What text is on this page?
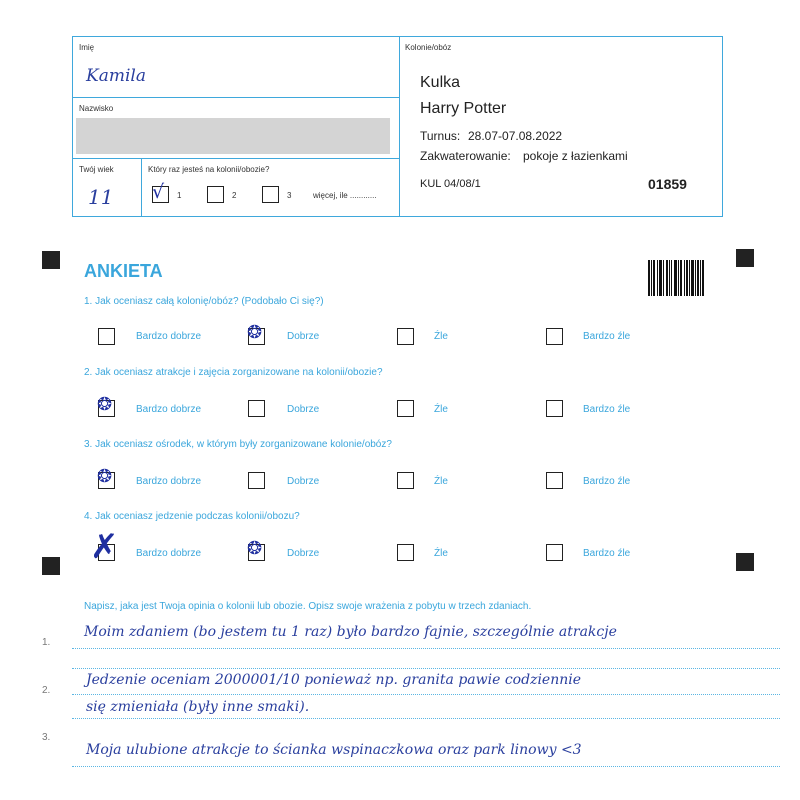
Imię
Kamila
Nazwisko
Twój wiek
11
Który raz jesteś na kolonii/obozie?
√ 1	2	3	więcej, ile ............
Kolonie/obóz
Kulka
Harry Potter
Turnus: 28.07-07.08.2022
Zakwaterowanie: pokoje z łazienkami
KUL 04/08/1	01859
ANKIETA
1. Jak oceniasz całą kolonię/obóz? (Podobało Ci się?)
Bardzo dobrze	❂ Dobrze	Źle	Bardzo źle
2. Jak oceniasz atrakcje i zajęcia zorganizowane na kolonii/obozie?
❂ Bardzo dobrze	Dobrze	Źle	Bardzo źle
3. Jak oceniasz ośrodek, w którym były zorganizowane kolonie/obóz?
❂ Bardzo dobrze	Dobrze	Źle	Bardzo źle
4. Jak oceniasz jedzenie podczas kolonii/obozu?
✗ Bardzo dobrze	❂ Dobrze	Źle	Bardzo źle
Napisz, jaka jest Twoja opinia o kolonii lub obozie. Opisz swoje wrażenia z pobytu w trzech zdaniach.
1.
Moim zdaniem (bo jestem tu 1 raz) było bardzo fajnie, szczególnie atrakcje
2.
Jedzenie oceniam 2000001/10 ponieważ np. granita pawie codziennie
się zmieniała (były inne smaki).
3.
Moja ulubione atrakcje to ścianka wspinaczkowa oraz park linowy <3
